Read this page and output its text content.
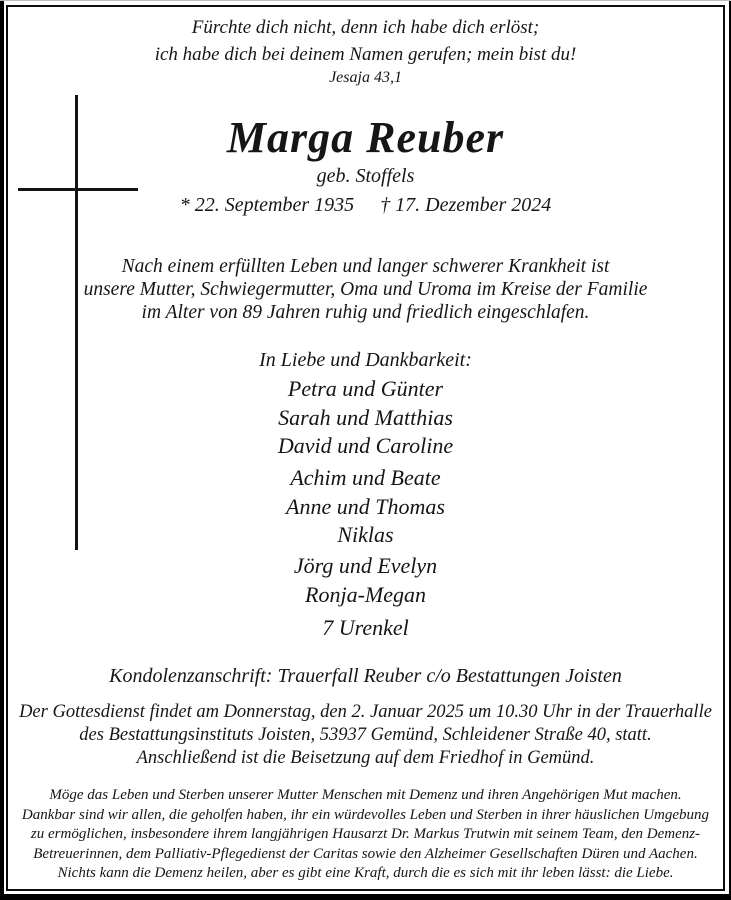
Fürchte dich nicht, denn ich habe dich erlöst;
ich habe dich bei deinem Namen gerufen; mein bist du!
Jesaja 43,1
Marga Reuber
geb. Stoffels
* 22. September 1935 † 17. Dezember 2024
Nach einem erfüllten Leben und langer schwerer Krankheit ist
unsere Mutter, Schwiegermutter, Oma und Uroma im Kreise der Familie
im Alter von 89 Jahren ruhig und friedlich eingeschlafen.
In Liebe und Dankbarkeit:
Petra und Günter
Sarah und Matthias
David und Caroline
Achim und Beate
Anne und Thomas
Niklas
Jörg und Evelyn
Ronja-Megan
7 Urenkel
Kondolenzanschrift: Trauerfall Reuber c/o Bestattungen Joisten
Der Gottesdienst findet am Donnerstag, den 2. Januar 2025 um 10.30 Uhr in der Trauerhalle
des Bestattungsinstituts Joisten, 53937 Gemünd, Schleidener Straße 40, statt.
Anschließend ist die Beisetzung auf dem Friedhof in Gemünd.
Möge das Leben und Sterben unserer Mutter Menschen mit Demenz und ihren Angehörigen Mut machen.
Dankbar sind wir allen, die geholfen haben, ihr ein würdevolles Leben und Sterben in ihrer häuslichen Umgebung
zu ermöglichen, insbesondere ihrem langjährigen Hausarzt Dr. Markus Trutwin mit seinem Team, den Demenz-
Betreuerinnen, dem Palliativ-Pflegedienst der Caritas sowie den Alzheimer Gesellschaften Düren und Aachen.
Nichts kann die Demenz heilen, aber es gibt eine Kraft, durch die es sich mit ihr leben lässt: die Liebe.
